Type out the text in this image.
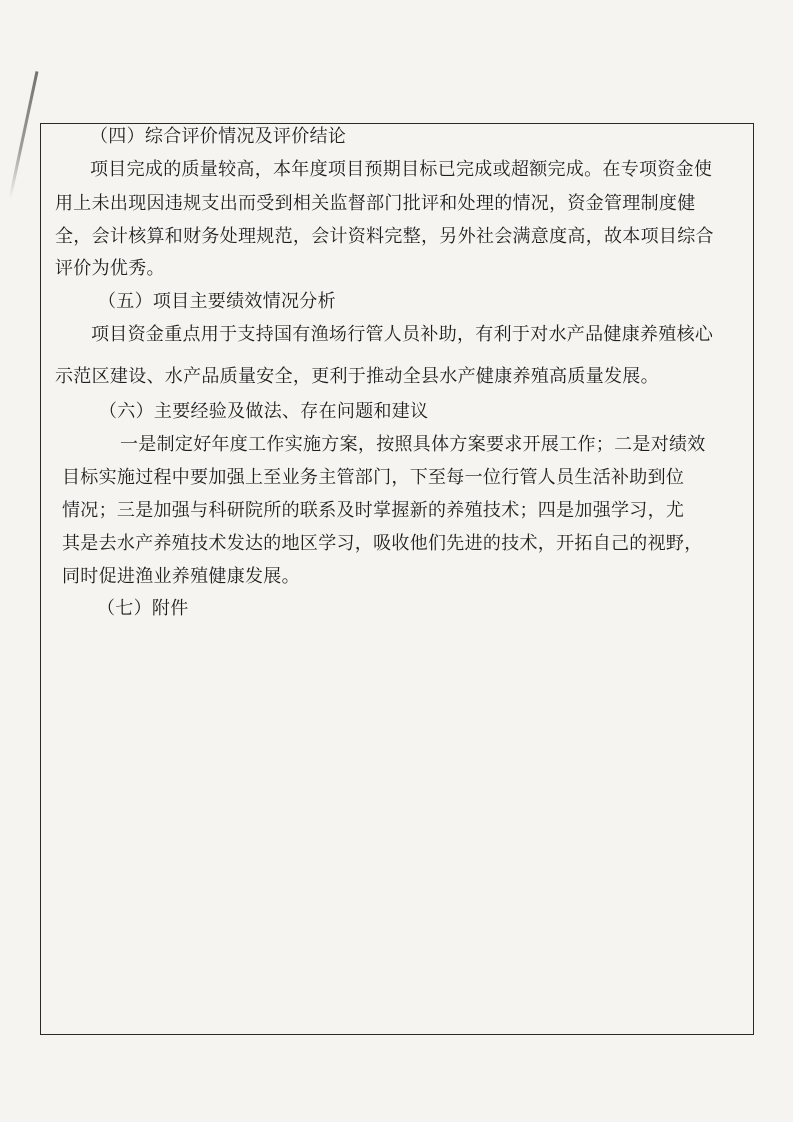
（四）综合评价情况及评价结论
项目完成的质量较高，本年度项目预期目标已完成或超额完成。在专项资金使
用上未出现因违规支出而受到相关监督部门批评和处理的情况，资金管理制度健
全，会计核算和财务处理规范，会计资料完整，另外社会满意度高，故本项目综合
评价为优秀。
（五）项目主要绩效情况分析
项目资金重点用于支持国有渔场行管人员补助，有利于对水产品健康养殖核心
示范区建设、水产品质量安全，更利于推动全县水产健康养殖高质量发展。
（六）主要经验及做法、存在问题和建议
一是制定好年度工作实施方案，按照具体方案要求开展工作；二是对绩效
目标实施过程中要加强上至业务主管部门，下至每一位行管人员生活补助到位
情况；三是加强与科研院所的联系及时掌握新的养殖技术；四是加强学习，尤
其是去水产养殖技术发达的地区学习，吸收他们先进的技术，开拓自己的视野，
同时促进渔业养殖健康发展。
（七）附件
